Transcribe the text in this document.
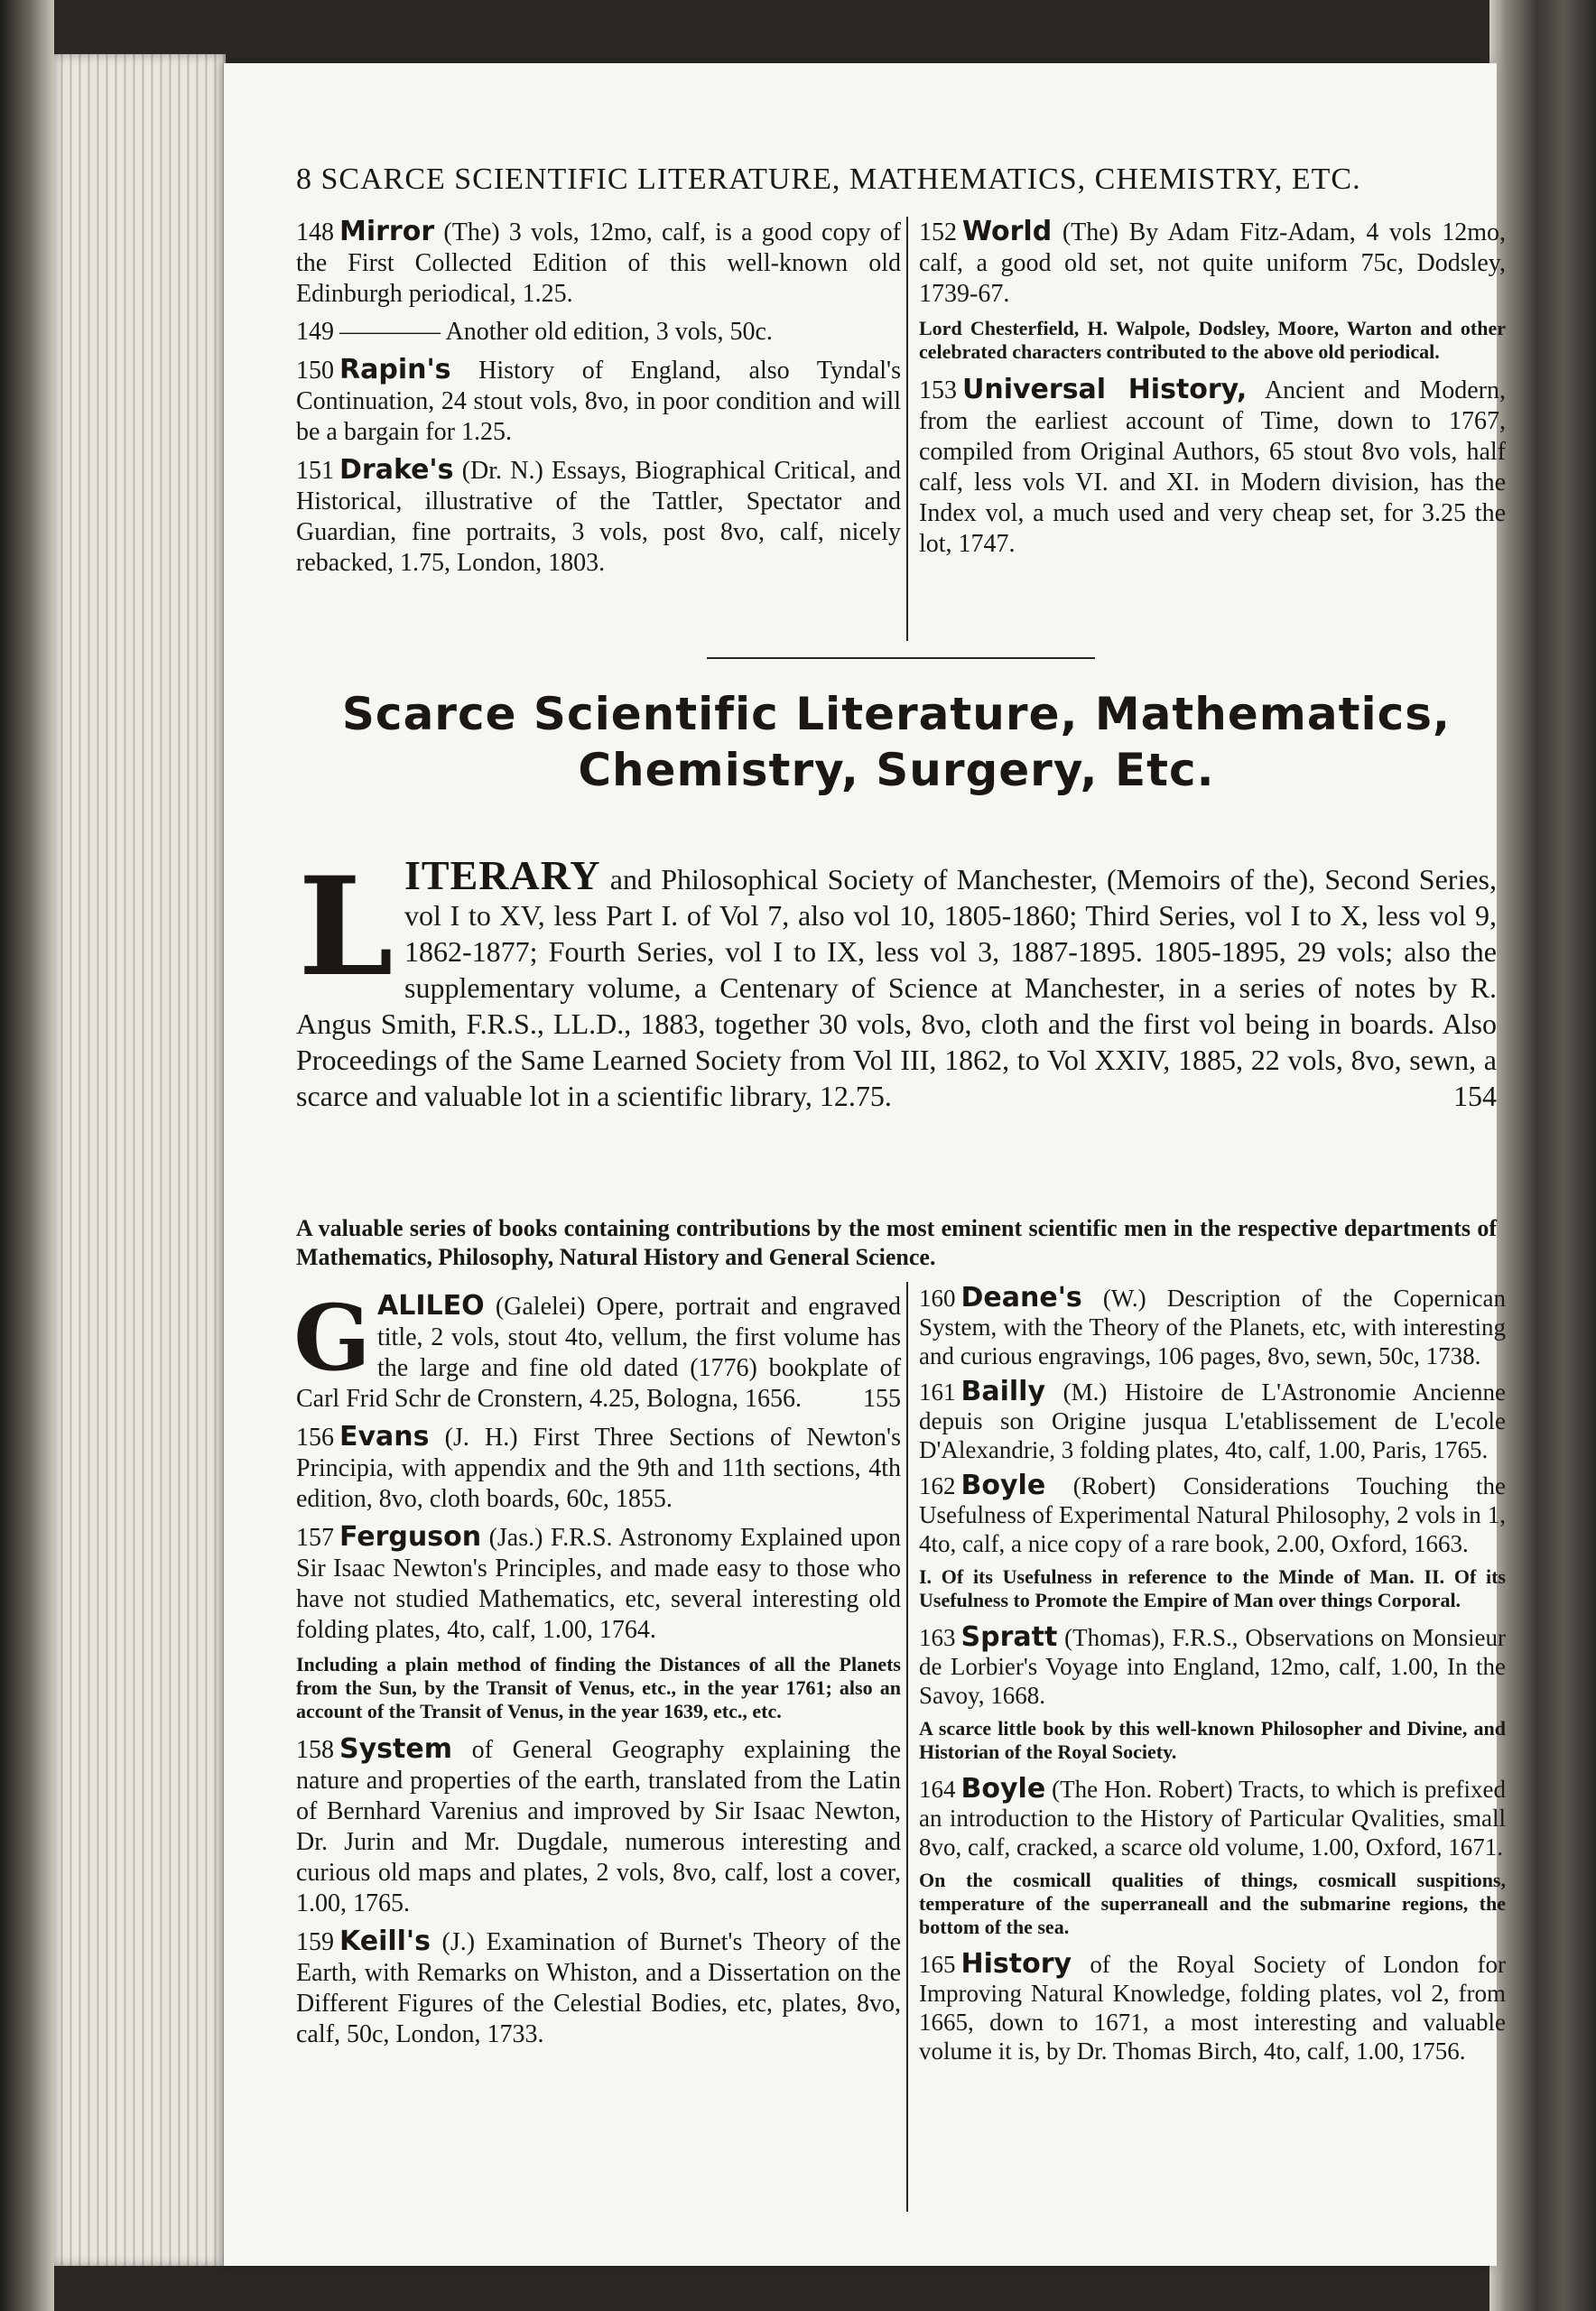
8 SCARCE SCIENTIFIC LITERATURE, MATHEMATICS, CHEMISTRY, ETC.

148 Mirror (The) 3 vols, 12mo, calf, is a good copy of the First Collected Edition of this well-known old Edinburgh periodical, 1.25.

149 ———— Another old edition, 3 vols, 50c.

150 Rapin's History of England, also Tyndal's Continuation, 24 stout vols, 8vo, in poor condition and will be a bargain for 1.25.

151 Drake's (Dr. N.) Essays, Biographical Critical, and Historical, illustrative of the Tattler, Spectator and Guardian, fine portraits, 3 vols, post 8vo, calf, nicely rebacked, 1.75, London, 1803.

152 World (The) By Adam Fitz-Adam, 4 vols 12mo, calf, a good old set, not quite uniform 75c, Dodsley, 1739-67.

Lord Chesterfield, H. Walpole, Dodsley, Moore, Warton and other celebrated characters contributed to the above old periodical.

153 Universal History, Ancient and Modern, from the earliest account of Time, down to 1767, compiled from Original Authors, 65 stout 8vo vols, half calf, less vols VI. and XI. in Modern division, has the Index vol, a much used and very cheap set, for 3.25 the lot, 1747.

Scarce Scientific Literature, Mathematics,
Chemistry, Surgery, Etc.
L ITERARY and Philosophical Society of Manchester, (Memoirs of the), Second Series, vol I to XV, less Part I. of Vol 7, also vol 10, 1805-1860; Third Series, vol I to X, less vol 9, 1862-1877; Fourth Series, vol I to IX, less vol 3, 1887-1895. 1805-1895, 29 vols; also the supplementary volume, a Centenary of Science at Manchester, in a series of notes by R. Angus Smith, F.R.S., LL.D., 1883, together 30 vols, 8vo, cloth and the first vol being in boards. Also Proceedings of the Same Learned Society from Vol III, 1862, to Vol XXIV, 1885, 22 vols, 8vo, sewn, a scarce and valuable lot in a scientific library, 12.75.	154
A valuable series of books containing contributions by the most eminent scientific men in the respective departments of Mathematics, Philosophy, Natural History and General Science.

G ALILEO (Galelei) Opere, portrait and engraved title, 2 vols, stout 4to, vellum, the first volume has the large and fine old dated (1776) bookplate of Carl Frid Schr de Cronstern, 4.25, Bologna, 1656. 155

156 Evans (J. H.) First Three Sections of Newton's Principia, with appendix and the 9th and 11th sections, 4th edition, 8vo, cloth boards, 60c, 1855.

157 Ferguson (Jas.) F.R.S. Astronomy Explained upon Sir Isaac Newton's Principles, and made easy to those who have not studied Mathematics, etc, several interesting old folding plates, 4to, calf, 1.00, 1764.

Including a plain method of finding the Distances of all the Planets from the Sun, by the Transit of Venus, etc., in the year 1761; also an account of the Transit of Venus, in the year 1639, etc., etc.

158 System of General Geography explaining the nature and properties of the earth, translated from the Latin of Bernhard Varenius and improved by Sir Isaac Newton, Dr. Jurin and Mr. Dugdale, numerous interesting and curious old maps and plates, 2 vols, 8vo, calf, lost a cover, 1.00, 1765.

159 Keill's (J.) Examination of Burnet's Theory of the Earth, with Remarks on Whiston, and a Dissertation on the Different Figures of the Celestial Bodies, etc, plates, 8vo, calf, 50c, London, 1733.

160 Deane's (W.) Description of the Copernican System, with the Theory of the Planets, etc, with interesting and curious engravings, 106 pages, 8vo, sewn, 50c, 1738.

161 Bailly (M.) Histoire de L'Astronomie Ancienne depuis son Origine jusqua L'etablissement de L'ecole D'Alexandrie, 3 folding plates, 4to, calf, 1.00, Paris, 1765.

162 Boyle (Robert) Considerations Touching the Usefulness of Experimental Natural Philosophy, 2 vols in 1, 4to, calf, a nice copy of a rare book, 2.00, Oxford, 1663.

I. Of its Usefulness in reference to the Minde of Man. II. Of its Usefulness to Promote the Empire of Man over things Corporal.

163 Spratt (Thomas), F.R.S., Observations on Monsieur de Lorbier's Voyage into England, 12mo, calf, 1.00, In the Savoy, 1668.

A scarce little book by this well-known Philosopher and Divine, and Historian of the Royal Society.

164 Boyle (The Hon. Robert) Tracts, to which is prefixed an introduction to the History of Particular Qvalities, small 8vo, calf, cracked, a scarce old volume, 1.00, Oxford, 1671.

On the cosmicall qualities of things, cosmicall suspitions, temperature of the superraneall and the submarine regions, the bottom of the sea.

165 History of the Royal Society of London for Improving Natural Knowledge, folding plates, vol 2, from 1665, down to 1671, a most interesting and valuable volume it is, by Dr. Thomas Birch, 4to, calf, 1.00, 1756.
